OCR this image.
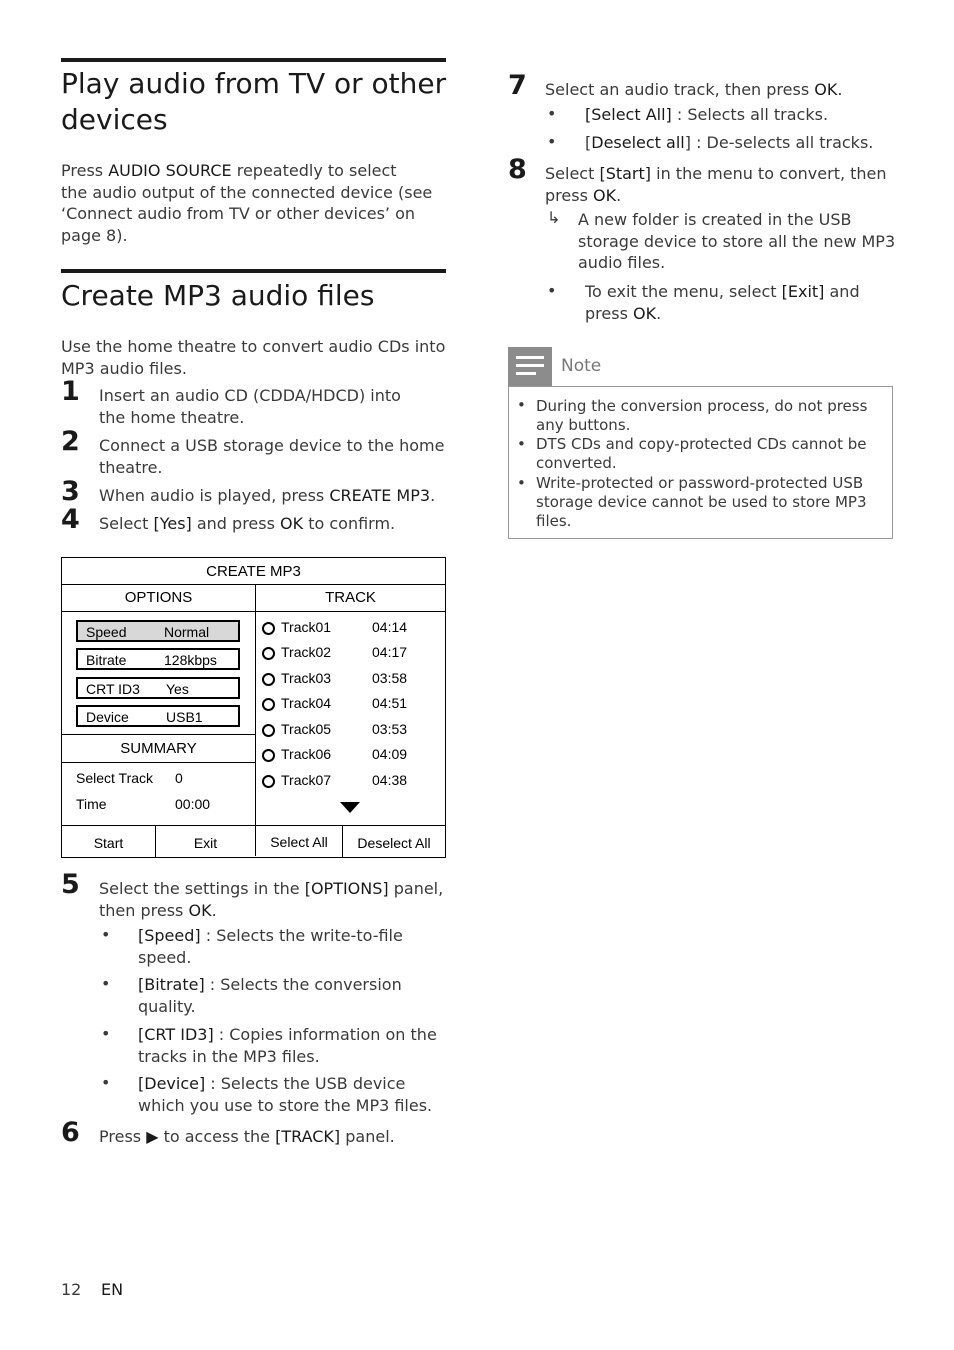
Play audio from TV or other
devices
Press AUDIO SOURCE repeatedly to select
the audio output of the connected device (see
‘Connect audio from TV or other devices’ on
page 8).
Create MP3 audio files
Use the home theatre to convert audio CDs into
MP3 audio files.
1 Insert an audio CD (CDDA/HDCD) into
the home theatre.
2 Connect a USB storage device to the home
theatre.
3 When audio is played, press CREATE MP3.
4 Select [Yes] and press OK to confirm.
CREATE MP3
OPTIONS	TRACK
Speed	Normal
Bitrate	128kbps
CRT ID3 Yes
Device	USB1
SUMMARY
Select Track 0
Time	00:00
Track01	04:14
Track02	04:17
Track03	03:58
Track04	04:51
Track05	03:53
Track06	04:09
Track07	04:38
Start	Exit	Select All	Deselect All
5 Select the settings in the [OPTIONS] panel,
then press OK.
• [Speed] : Selects the write-to-file
speed.
• [Bitrate] : Selects the conversion
quality.
• [CRT ID3] : Copies information on the
tracks in the MP3 files.
• [Device] : Selects the USB device
which you use to store the MP3 files.
6 Press ▶ to access the [TRACK] panel.
7 Select an audio track, then press OK.
• [Select All] : Selects all tracks.
• [Deselect all] : De-selects all tracks.
8 Select [Start] in the menu to convert, then
press OK.
↳ A new folder is created in the USB
storage device to store all the new MP3
audio files.
• To exit the menu, select [Exit] and
press OK.
Note
• During the conversion process, do not press
any buttons.
• DTS CDs and copy-protected CDs cannot be
converted.
• Write-protected or password-protected USB
storage device cannot be used to store MP3
files.
12 EN
